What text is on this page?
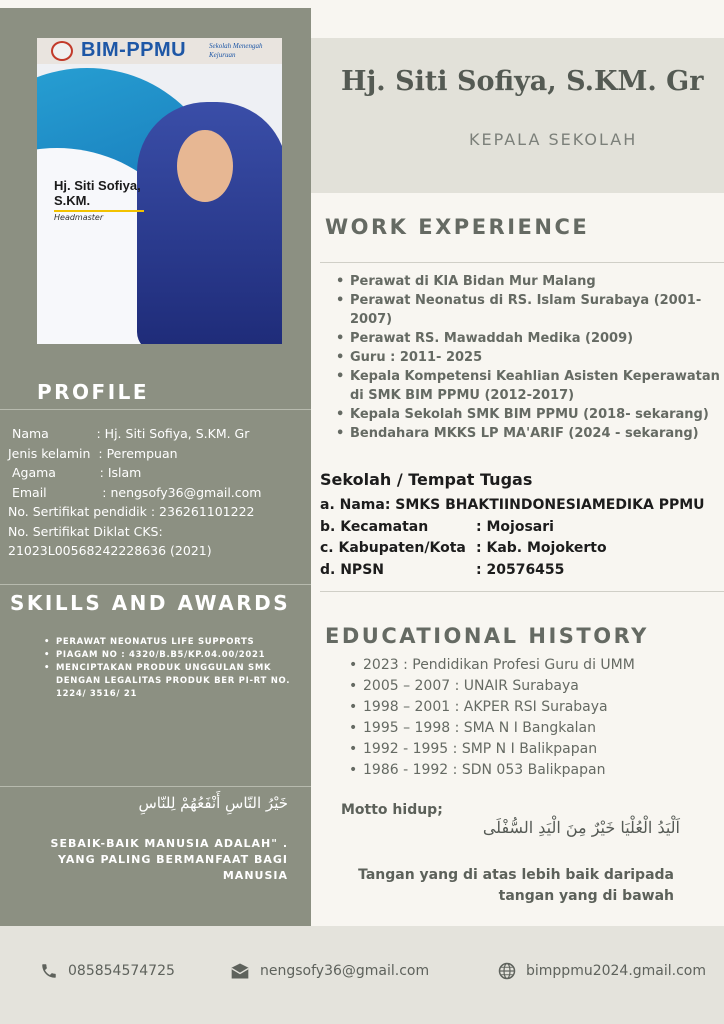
BIM-PPMU	Sekolah Menengah Kejuruan
Hj. Siti Sofiya, S.KM.
Headmaster
PROFILE
Nama            : Hj. Siti Sofiya, S.KM. Gr
Jenis kelamin  : Perempuan
Agama           : Islam
Email              : nengsofy36@gmail.com
No. Sertifikat pendidik : 236261101222
No. Sertifikat Diklat CKS:
21023L00568242228636 (2021)
SKILLS AND AWARDS
• PERAWAT NEONATUS LIFE SUPPORTS
• PIAGAM NO : 4320/B.B5/KP.04.00/2021
• MENCIPTAKAN PRODUK UNGGULAN SMK DENGAN LEGALITAS PRODUK BER PI-RT NO. 1224/ 3516/ 21
خَيْرُ النّاسِ أَنْفَعُهُمْ لِلنّاسِ
SEBAIK-BAIK MANUSIA ADALAH" . YANG PALING BERMANFAAT BAGI MANUSIA
Hj. Siti Sofiya, S.KM. Gr
KEPALA SEKOLAH
WORK EXPERIENCE
• Perawat di KIA Bidan Mur Malang
• Perawat Neonatus di RS. Islam Surabaya (2001-2007)
• Perawat RS. Mawaddah Medika (2009)
• Guru : 2011- 2025
• Kepala Kompetensi Keahlian Asisten Keperawatan di SMK BIM PPMU (2012-2017)
• Kepala Sekolah SMK BIM PPMU (2018- sekarang)
• Bendahara MKKS LP MA'ARIF (2024 - sekarang)
Sekolah / Tempat Tugas
a. Nama: SMKS BHAKTIINDONESIAMEDIKA PPMU
b. Kecamatan	: Mojosari
c. Kabupaten/Kota : Kab. Mojokerto
d. NPSN	: 20576455
EDUCATIONAL HISTORY
• 2023 : Pendidikan Profesi Guru di UMM
• 2005 – 2007 : UNAIR Surabaya
• 1998 – 2001 : AKPER RSI Surabaya
• 1995 – 1998 : SMA N I Bangkalan
• 1992 - 1995 : SMP N I Balikpapan
• 1986 - 1992 : SDN 053 Balikpapan
Motto hidup;
اَلْيَدُ الْعُلْيَا خَيْرٌ مِنَ الْيَدِ السُّفْلَى
Tangan yang di atas lebih baik daripada tangan yang di bawah
085854574725	nengsofy36@gmail.com	bimppmu2024.gmail.com
